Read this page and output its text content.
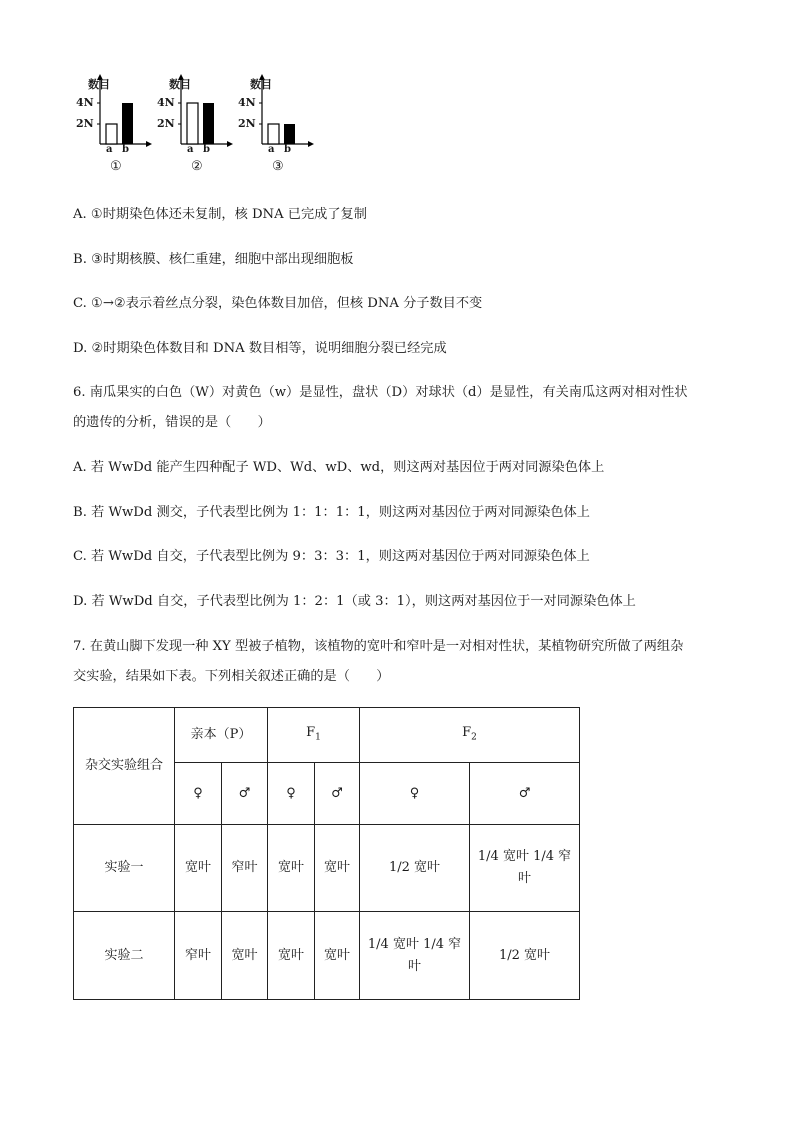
数目
4N
2N
a b
①
数目
4N
2N
a b
②
数目
4N
2N
a b
③
A. ①时期染色体还未复制，核 DNA 已完成了复制
B. ③时期核膜、核仁重建，细胞中部出现细胞板
C. ①→②表示着丝点分裂，染色体数目加倍，但核 DNA 分子数目不变
D. ②时期染色体数目和 DNA 数目相等，说明细胞分裂已经完成
6. 南瓜果实的白色（W）对黄色（w）是显性，盘状（D）对球状（d）是显性，有关南瓜这两对相对性状
的遗传的分析，错误的是（　　）
A. 若 WwDd 能产生四种配子 WD、Wd、wD、wd，则这两对基因位于两对同源染色体上
B. 若 WwDd 测交，子代表型比例为 1：1：1：1，则这两对基因位于两对同源染色体上
C. 若 WwDd 自交，子代表型比例为 9：3：3：1，则这两对基因位于两对同源染色体上
D. 若 WwDd 自交，子代表型比例为 1：2：1（或 3：1），则这两对基因位于一对同源染色体上
7. 在黄山脚下发现一种 XY 型被子植物，该植物的宽叶和窄叶是一对相对性状，某植物研究所做了两组杂
交实验，结果如下表。下列相关叙述正确的是（　　）
杂交实验组合	亲本（P）		$F_1$		$F_2$
	♀	♂	♀	♂	♀	♂
实验一	宽叶	窄叶	宽叶	宽叶	1/2 宽叶	1/4 宽叶 1/4 窄
叶

实验二	窄叶	宽叶	宽叶	宽叶	1/4 宽叶 1/4 窄
叶	1/2 宽叶
